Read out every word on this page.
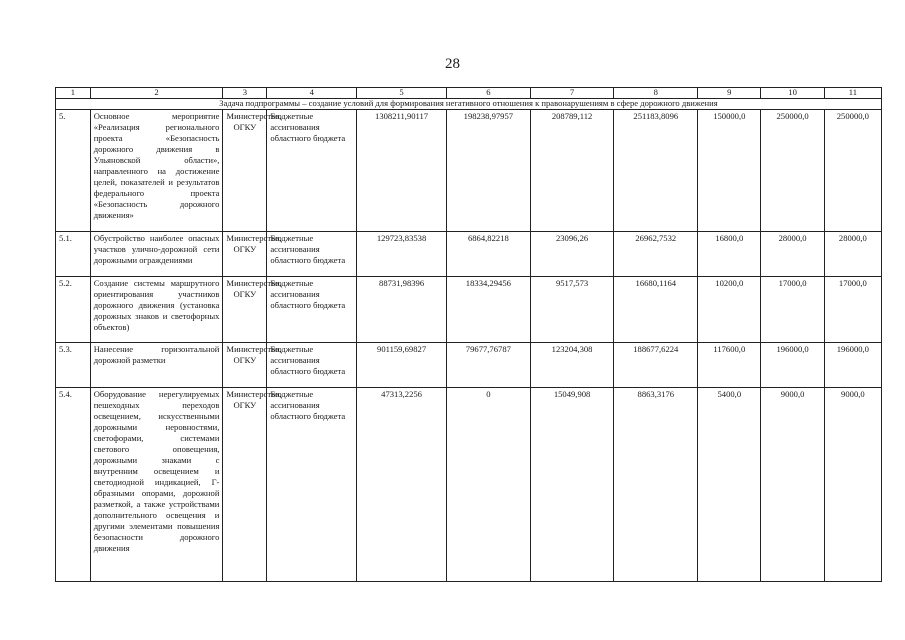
28
1	2	3	4	5	6	7	8	9	10	11
Задача подпрограммы – создание условий для формирования негативного отношения к правонарушениям в сфере дорожного движения										
5.	Основное мероприятие «Реализация регионального проекта «Безопасность дорожного движения в Ульяновской области», направленного на достижение целей, показателей и результатов федерального проекта «Безопасность дорожного движения»	Министерство, ОГКУ	Бюджетные ассигнования областного бюджета	1308211,90117	198238,97957	208789,112	251183,8096	150000,0	250000,0	250000,0
5.1.	Обустройство наиболее опасных участков улично-дорожной сети дорожными ограждениями	Министерство, ОГКУ	Бюджетные ассигнования областного бюджета	129723,83538	6864,82218	23096,26	26962,7532	16800,0	28000,0	28000,0
5.2.	Создание системы маршрутного ориентирования участников дорожного движения (установка дорожных знаков и светофорных объектов)	Министерство, ОГКУ	Бюджетные ассигнования областного бюджета	88731,98396	18334,29456	9517,573	16680,1164	10200,0	17000,0	17000,0
5.3.	Нанесение горизонтальной дорожной разметки	Министерство, ОГКУ	Бюджетные ассигнования областного бюджета	901159,69827	79677,76787	123204,308	188677,6224	117600,0	196000,0	196000,0
5.4.	Оборудование нерегулируемых пешеходных переходов освещением, искусственными дорожными неровностями, светофорами, системами светового оповещения, дорожными знаками с внутренним освещением и светодиодной индикацией, Г-образными опорами, дорожной разметкой, а также устройствами дополнительного освещения и другими элементами повышения безопасности дорожного движения	Министерство, ОГКУ	Бюджетные ассигнования областного бюджета	47313,2256	0	15049,908	8863,3176	5400,0	9000,0	9000,0
